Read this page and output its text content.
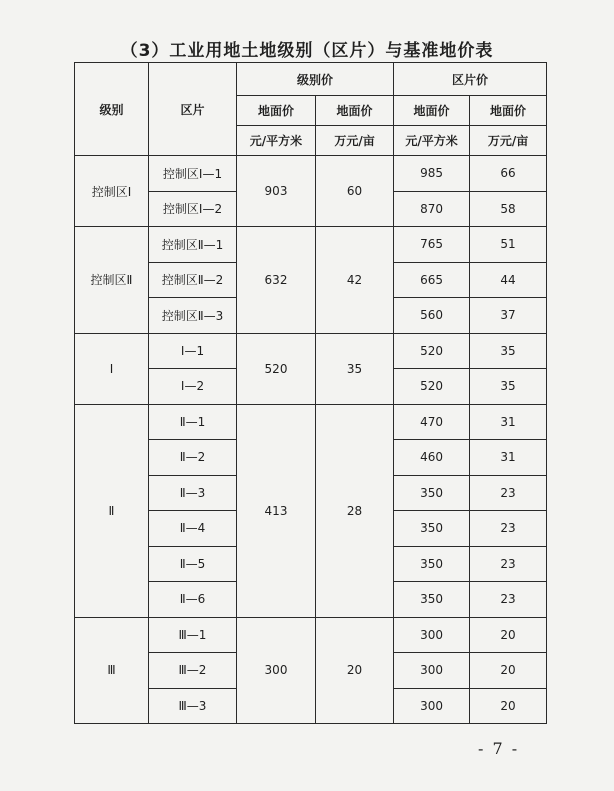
（3）工业用地土地级别（区片）与基准地价表
级别	区片	级别价		区片价	
		地面价	地面价	地面价	地面价
		元/平方米	万元/亩	元/平方米	万元/亩
控制区Ⅰ	控制区Ⅰ—1	903	60	985	66
	控制区Ⅰ—2			870	58
控制区Ⅱ	控制区Ⅱ—1	632	42	765	51
	控制区Ⅱ—2			665	44
	控制区Ⅱ—3			560	37
Ⅰ	Ⅰ—1	520	35	520	35
	Ⅰ—2			520	35
Ⅱ	Ⅱ—1	413	28	470	31
	Ⅱ—2			460	31
	Ⅱ—3			350	23
	Ⅱ—4			350	23
	Ⅱ—5			350	23
	Ⅱ—6			350	23
Ⅲ	Ⅲ—1	300	20	300	20
	Ⅲ—2			300	20
	Ⅲ—3			300	20
- 7 -
